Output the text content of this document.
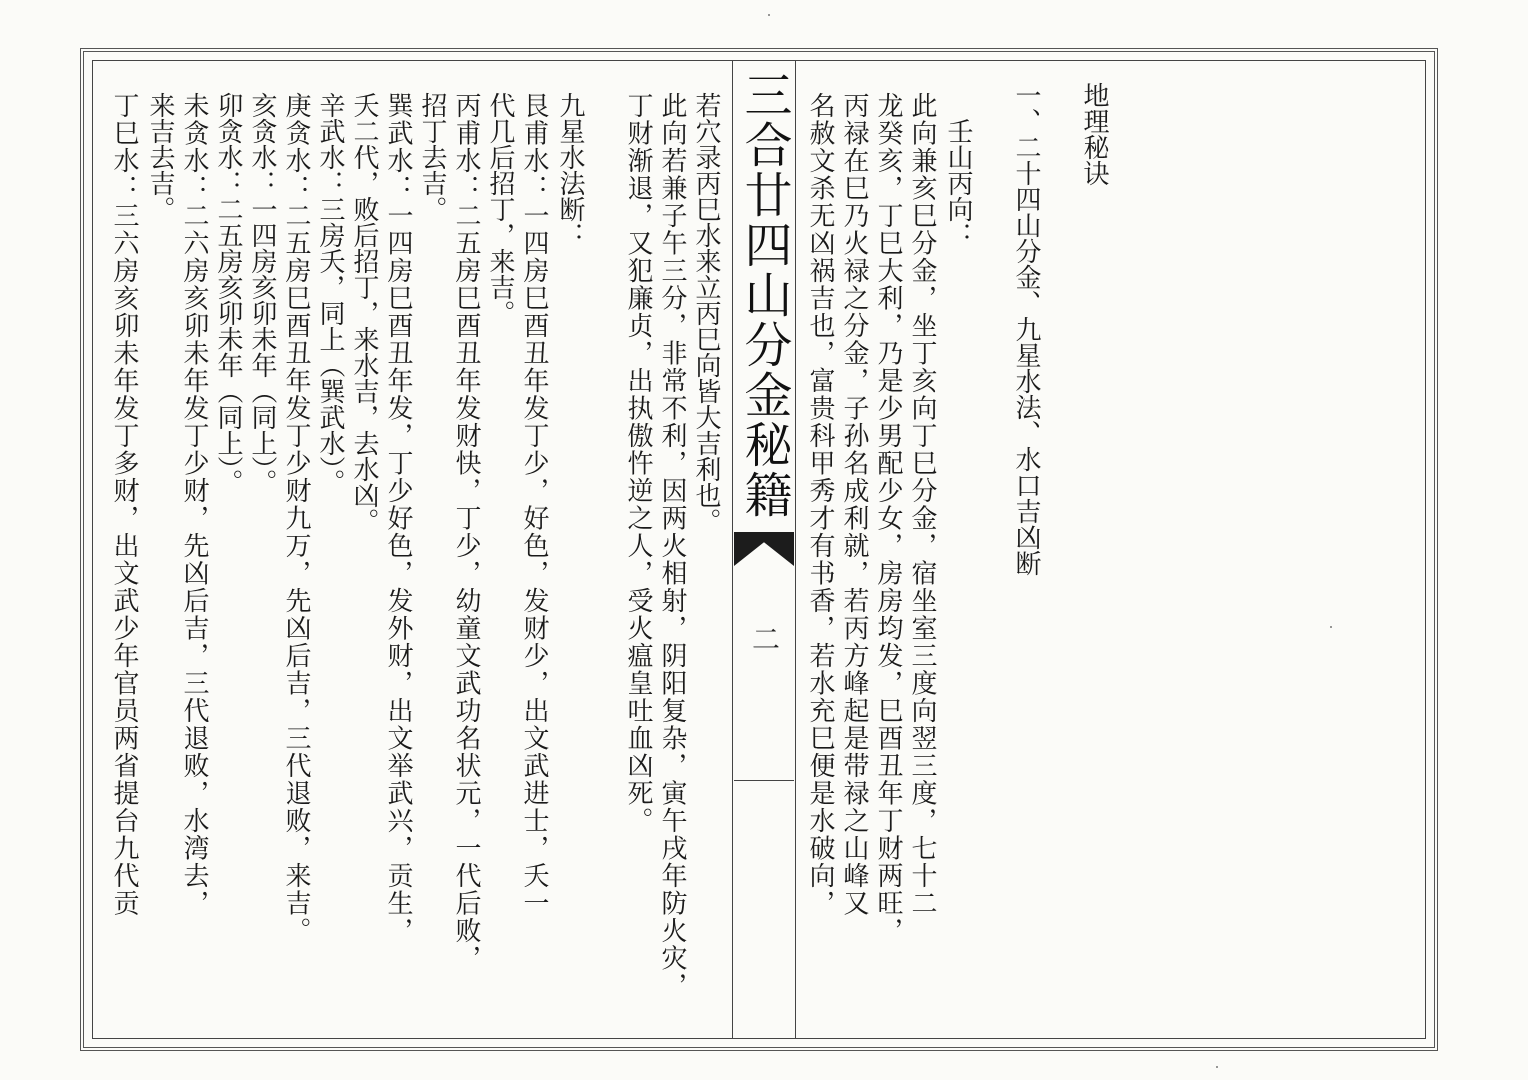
三合廿四山分金秘籍
二
地理秘诀
一、二十四山分金、九星水法、水口吉凶断
壬山丙向：
此向兼亥巳分金，坐丁亥向丁巳分金，宿坐室三度向翌三度，七十二
龙癸亥，丁巳大利，乃是少男配少女，房房均发，巳酉丑年丁财两旺，
丙禄在巳乃火禄之分金，子孙名成利就，若丙方峰起是带禄之山峰又
名赦文杀无凶祸吉也，富贵科甲秀才有书香，若水充巳便是水破向，
若穴录丙巳水来立丙巳向皆大吉利也。
此向若兼子午三分，非常不利，因两火相射，阴阳复杂，寅午戌年防火灾，
丁财渐退，又犯廉贞，出执傲忤逆之人，受火瘟皇吐血凶死。
九星水法断：
艮甫水：一四房巳酉丑年发丁少，好色，发财少，出文武进士，夭一
代几后招丁，来吉。
丙甫水：二五房巳酉丑年发财快，丁少，幼童文武功名状元，一代后败，
招丁去吉。
巽武水：一四房巳酉丑年发，丁少好色，发外财，出文举武兴，贡生，
夭二代，败后招丁，来水吉，去水凶。
辛武水：三房夭，同上（巽武水）。
庚贪水：二五房巳酉丑年发丁少财九万，先凶后吉，三代退败，来吉。
亥贪水：一四房亥卯未年（同上）。
卯贪水：二五房亥卯未年（同上）。
未贪水：二六房亥卯未年发丁少财，先凶后吉，三代退败，水湾去，
来吉去吉。
丁巳水：三六房亥卯未年发丁多财，出文武少年官员两省提台九代贡
